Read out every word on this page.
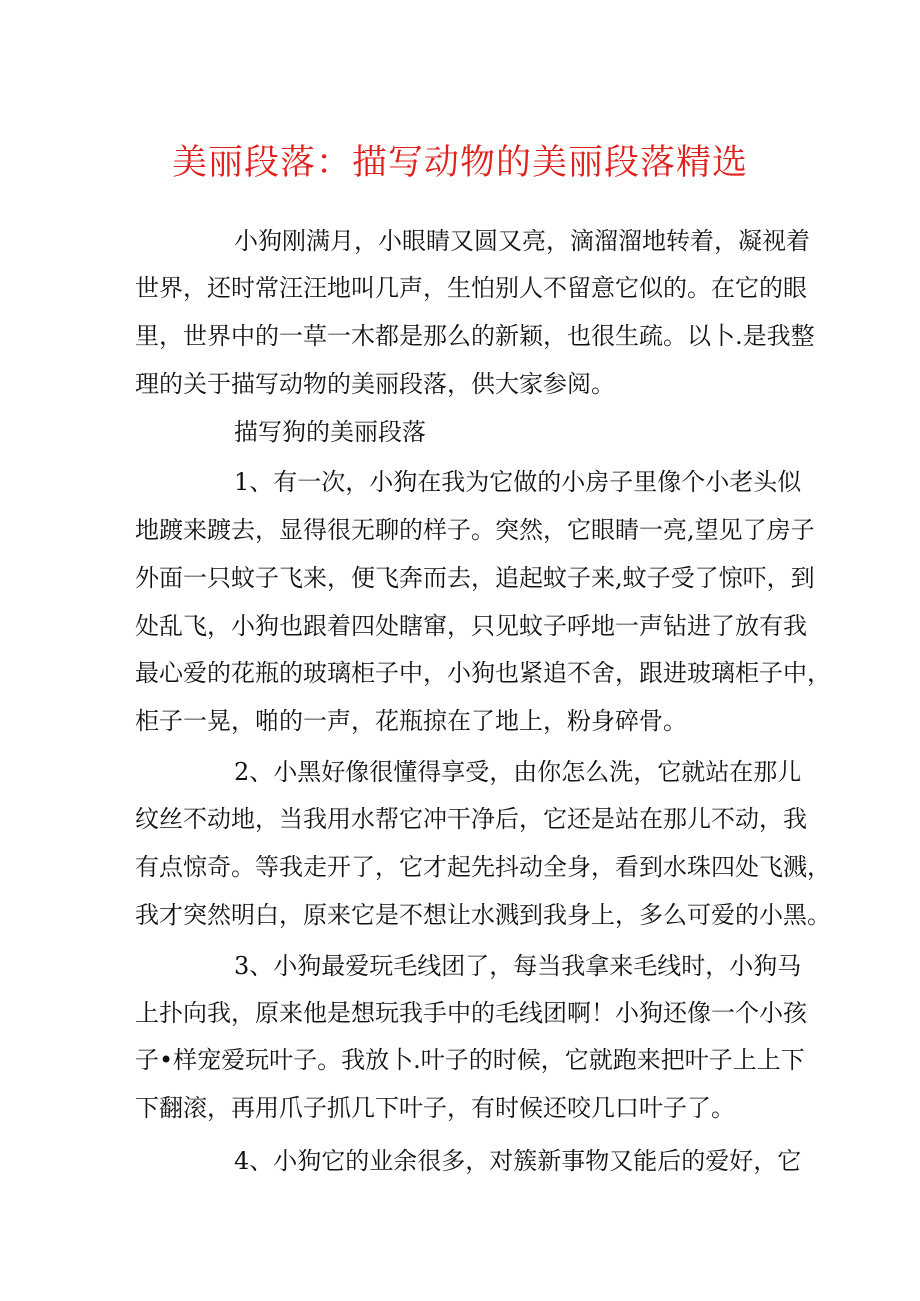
美丽段落：描写动物的美丽段落精选
小狗刚满月，小眼睛又圆又亮，滴溜溜地转着，凝视着
世界，还时常汪汪地叫几声，生怕别人不留意它似的。在它的眼
里，世界中的一草一木都是那么的新颖，也很生疏。以卜.是我整
理的关于描写动物的美丽段落，供大家参阅。
描写狗的美丽段落
1、有一次，小狗在我为它做的小房子里像个小老头似
地踱来踱去，显得很无聊的样子。突然，它眼睛一亮,望见了房子
外面一只蚊子飞来，便飞奔而去，追起蚊子来,蚊子受了惊吓，到
处乱飞，小狗也跟着四处瞎窜，只见蚊子呼地一声钻进了放有我
最心爱的花瓶的玻璃柜子中，小狗也紧追不舍，跟进玻璃柜子中，
柜子一晃，啪的一声，花瓶掠在了地上，粉身碎骨。
2、小黑好像很懂得享受，由你怎么洗，它就站在那儿
纹丝不动地，当我用水帮它冲干净后，它还是站在那儿不动，我
有点惊奇。等我走开了，它才起先抖动全身，看到水珠四处飞溅，
我才突然明白，原来它是不想让水溅到我身上，多么可爱的小黑。
3、小狗最爱玩毛线团了，每当我拿来毛线时，小狗马
上扑向我，原来他是想玩我手中的毛线团啊！小狗还像一个小孩
子•样宠爱玩叶子。我放卜.叶子的时候，它就跑来把叶子上上下
下翻滚，再用爪子抓几下叶子，有时候还咬几口叶子了。
4、小狗它的业余很多，对簇新事物又能后的爱好，它
